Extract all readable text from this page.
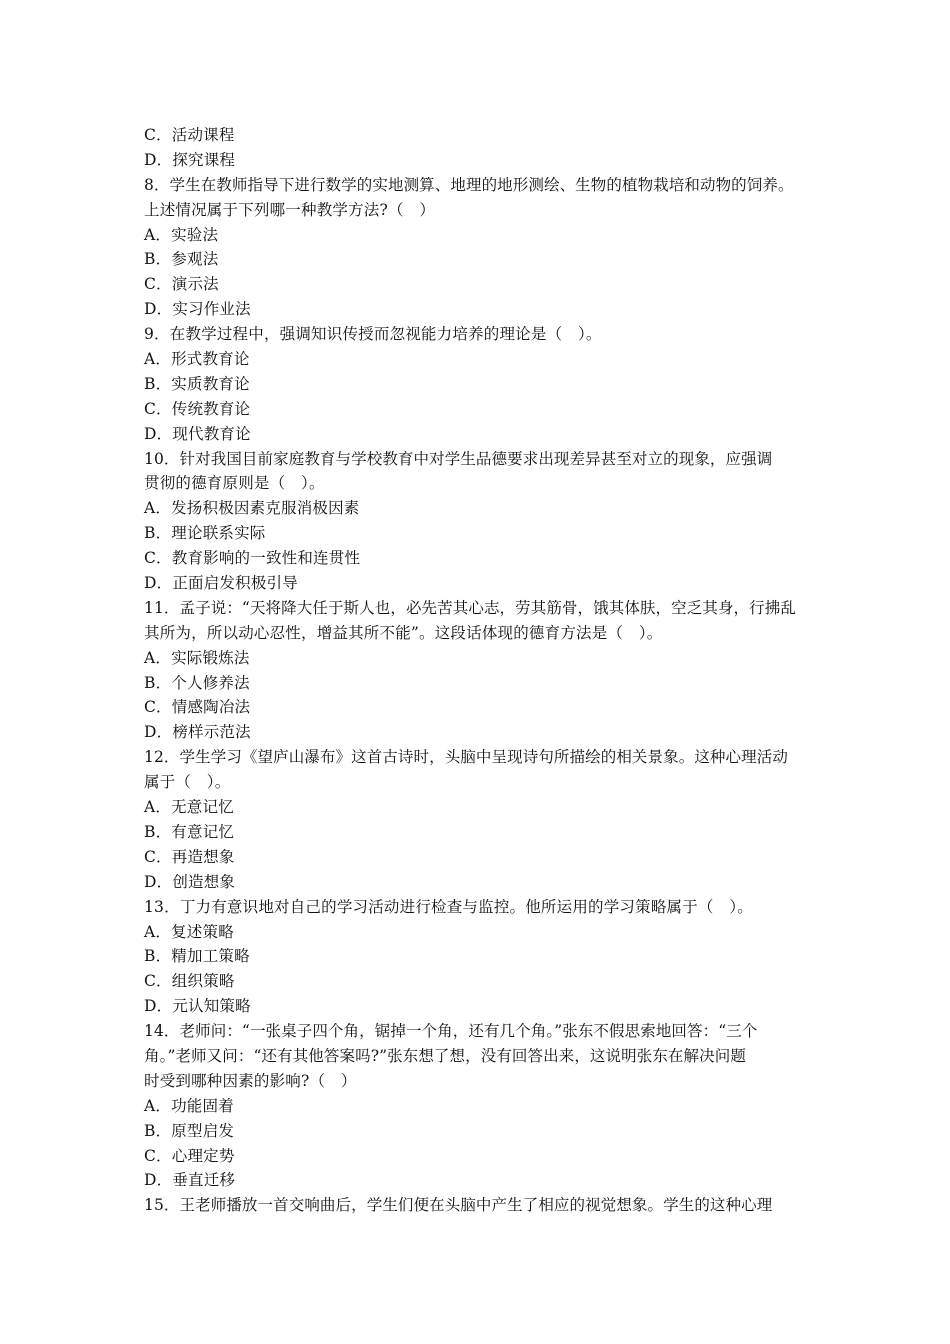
C．活动课程
D．探究课程
8．学生在教师指导下进行数学的实地测算、地理的地形测绘、生物的植物栽培和动物的饲养。
上述情况属于下列哪一种教学方法?（　）
A．实验法
B．参观法
C．演示法
D．实习作业法
9．在教学过程中，强调知识传授而忽视能力培养的理论是（　）。
A．形式教育论
B．实质教育论
C．传统教育论
D．现代教育论
10．针对我国目前家庭教育与学校教育中对学生品德要求出现差异甚至对立的现象，应强调
贯彻的德育原则是（　）。
A．发扬积极因素克服消极因素
B．理论联系实际
C．教育影响的一致性和连贯性
D．正面启发积极引导
11．孟子说：“天将降大任于斯人也，必先苦其心志，劳其筋骨，饿其体肤，空乏其身，行拂乱
其所为，所以动心忍性，增益其所不能”。这段话体现的德育方法是（　）。
A．实际锻炼法
B．个人修养法
C．情感陶冶法
D．榜样示范法
12．学生学习《望庐山瀑布》这首古诗时，头脑中呈现诗句所描绘的相关景象。这种心理活动
属于（　）。
A．无意记忆
B．有意记忆
C．再造想象
D．创造想象
13．丁力有意识地对自己的学习活动进行检查与监控。他所运用的学习策略属于（　）。
A．复述策略
B．精加工策略
C．组织策略
D．元认知策略
14．老师问：“一张桌子四个角，锯掉一个角，还有几个角。”张东不假思索地回答：“三个
角。”老师又问：“还有其他答案吗?”张东想了想，没有回答出来，这说明张东在解决问题
时受到哪种因素的影响?（　）
A．功能固着
B．原型启发
C．心理定势
D．垂直迁移
15．王老师播放一首交响曲后，学生们便在头脑中产生了相应的视觉想象。学生的这种心理
